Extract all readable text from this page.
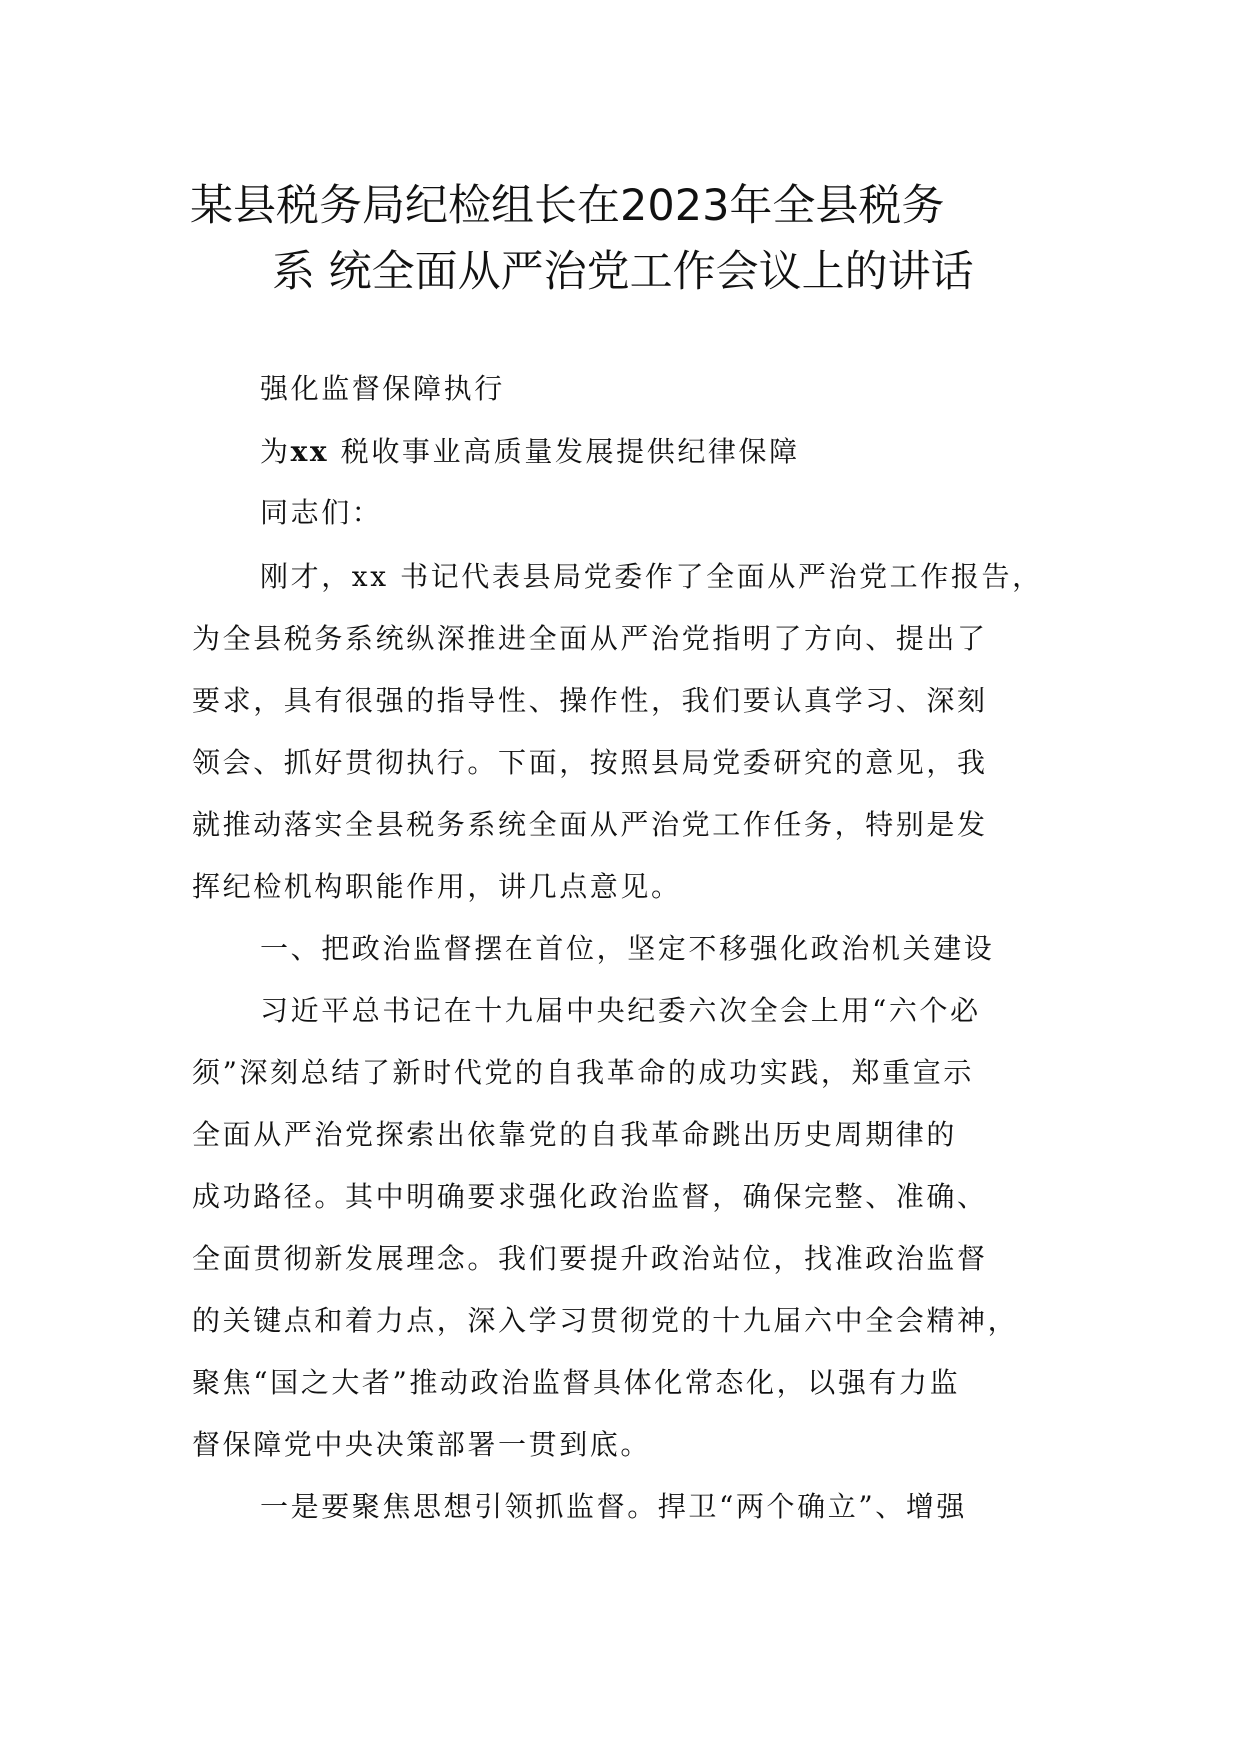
某县税务局纪检组长在2023年全县税务
系 统全面从严治党工作会议上的讲话
强化监督保障执行
为xx 税收事业高质量发展提供纪律保障
同志们：
刚才，xx 书记代表县局党委作了全面从严治党工作报告，
为全县税务系统纵深推进全面从严治党指明了方向、提出了
要求，具有很强的指导性、操作性，我们要认真学习、深刻
领会、抓好贯彻执行。下面，按照县局党委研究的意见，我
就推动落实全县税务系统全面从严治党工作任务，特别是发
挥纪检机构职能作用，讲几点意见。
一、把政治监督摆在首位，坚定不移强化政治机关建设
习近平总书记在十九届中央纪委六次全会上用“六个必
须”深刻总结了新时代党的自我革命的成功实践，郑重宣示
全面从严治党探索出依靠党的自我革命跳出历史周期律的
成功路径。其中明确要求强化政治监督，确保完整、准确、
全面贯彻新发展理念。我们要提升政治站位，找准政治监督
的关键点和着力点，深入学习贯彻党的十九届六中全会精神，
聚焦“国之大者”推动政治监督具体化常态化，以强有力监
督保障党中央决策部署一贯到底。
一是要聚焦思想引领抓监督。捍卫“两个确立”、增强
